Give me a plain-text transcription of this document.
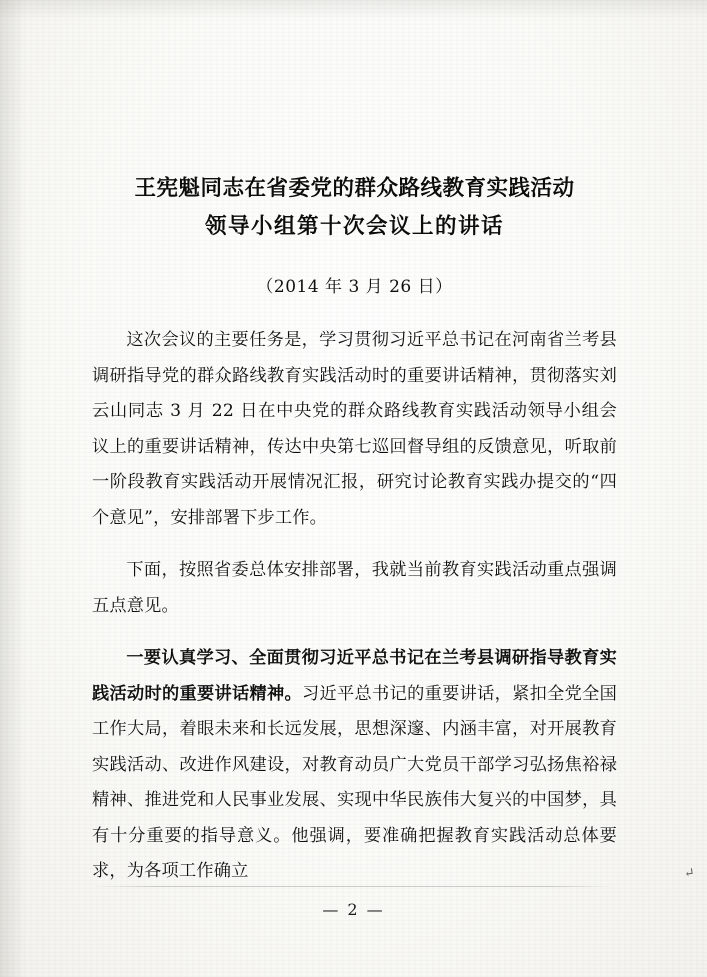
王宪魁同志在省委党的群众路线教育实践活动
领导小组第十次会议上的讲话
（2014 年 3 月 26 日）

这次会议的主要任务是，学习贯彻习近平总书记在河南省兰考县调研指导党的群众路线教育实践活动时的重要讲话精神，贯彻落实刘云山同志 3 月 22 日在中央党的群众路线教育实践活动领导小组会议上的重要讲话精神，传达中央第七巡回督导组的反馈意见，听取前一阶段教育实践活动开展情况汇报，研究讨论教育实践办提交的“四个意见”，安排部署下步工作。

下面，按照省委总体安排部署，我就当前教育实践活动重点强调五点意见。

一要认真学习、全面贯彻习近平总书记在兰考县调研指导教育实践活动时的重要讲话精神。习近平总书记的重要讲话，紧扣全党全国工作大局，着眼未来和长远发展，思想深邃、内涵丰富，对开展教育实践活动、改进作风建设，对教育动员广大党员干部学习弘扬焦裕禄精神、推进党和人民事业发展、实现中华民族伟大复兴的中国梦，具有十分重要的指导意义。他强调，要准确把握教育实践活动总体要求，为各项工作确立

— 2 —
↵
